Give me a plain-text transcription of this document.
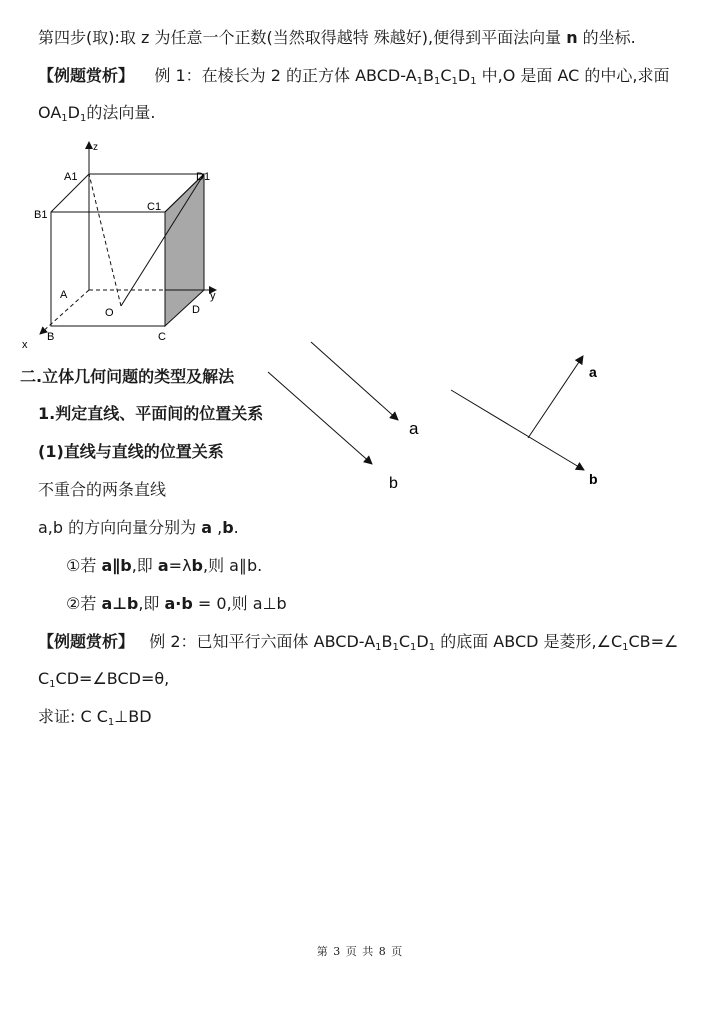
第四步(取):取 z 为任意一个正数(当然取得越特 殊越好),便得到平面法向量 n 的坐标.
【例题赏析】 例 1：在棱长为 2 的正方体 ABCD-$A_1B_1C_1D_1$ 中,O 是面 AC 的中心,求面
$OA_1D_1$的法向量.
z
A1	D1
B1
C1
A	y
O	D
B	C
x
a
b
a
b
二.立体几何问题的类型及解法
1.判定直线、平面间的位置关系
(1)直线与直线的位置关系
不重合的两条直线
a,b 的方向向量分别为 a ,b.
①若 a∥b,即 a=λb,则 a∥b.
②若 a⊥b,即 a·b = 0,则 a⊥b
【例题赏析】 例 2：已知平行六面体 ABCD-$A_1B_1C_1D_1$ 的底面 ABCD 是菱形$,\angle C_1CB=\angle$
$C_1CD=\angle BCD=\theta$,
求证: C $C_1\perp BD$
第 3 页 共 8 页
